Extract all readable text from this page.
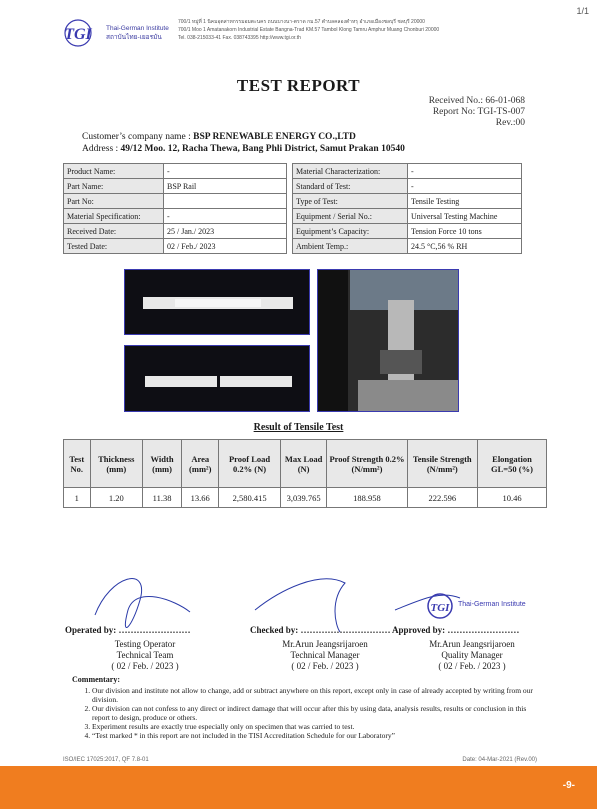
1/1
TGI Thai-German Institute
สถาบันไทย-เยอรมัน
700/1 หมู่ที่ 1 นิคมอุตสาหกรรมอมตะนคร ถนนบางนา-ตราด กม.57 ตำบลคลองตำหรุ อำเภอเมืองชลบุรี ชลบุรี 20000
700/1 Moo 1 Amatanakorn Industrial Estate Bangna-Trad KM.57 Tambol Klong Tamru Amphur Muang Chonburi 20000
Tel. 038-215033-41 Fax. 038743395 http://www.tgi.or.th
TEST REPORT
Received No.: 66-01-068
Report No: TGI-TS-007
Rev.:00
Customer’s company name : BSP RENEWABLE ENERGY CO.,LTD
Address : 49/12 Moo. 12, Racha Thewa, Bang Phli District, Samut Prakan 10540
Product Name:	-		Material Characterization:	-
Part Name:	BSP Rail		Standard of Test:	-
Part No:			Type of Test:	Tensile Testing
Material Specification:	-		Equipment / Serial No.:	Universal Testing Machine
Received Date:	25 / Jan./ 2023		Equipment’s Capacity:	Tension Force 10 tons
Tested Date:	02 / Feb./ 2023		Ambient Temp.:	24.5 °C,56 % RH
Result of Tensile Test
Test No.	Thickness (mm)	Width (mm)	Area (mm²)	Proof Load 0.2% (N)	Max Load (N)	Proof Strength 0.2% (N/mm²)	Tensile Strength (N/mm²)	Elongation GL=50 (%)
1	1.20	11.38	13.66	2,580.415	3,039.765	188.958	222.596	10.46
Operated by: ……………………
Testing Operator
Technical Team
( 02 / Feb. / 2023 )
Checked by: …………………………
Mr.Arun Jeangsrijaroen
Technical Manager
( 02 / Feb. / 2023 )
Approved by: ……………………
Mr.Arun Jeangsrijaroen
Quality Manager
( 02 / Feb. / 2023 )
TGI Thai-German Institute
Commentary:
1. Our division and institute not allow to change, add or subtract anywhere on this report, except only in case of already accepted by writing from our division.
2. Our division can not confess to any direct or indirect damage that will occur after this by using data, analysis results, results or conclusion in this report to design, produce or others.
3. Experiment results are exactly true especially only on specimen that was carried to test.
4. “Test marked * in this report are not included in the TISI Accreditation Schedule for our Laboratory”
ISO/IEC 17025:2017, QF 7.8-01	Date: 04-Mar-2021 (Rev.00)
-9-
